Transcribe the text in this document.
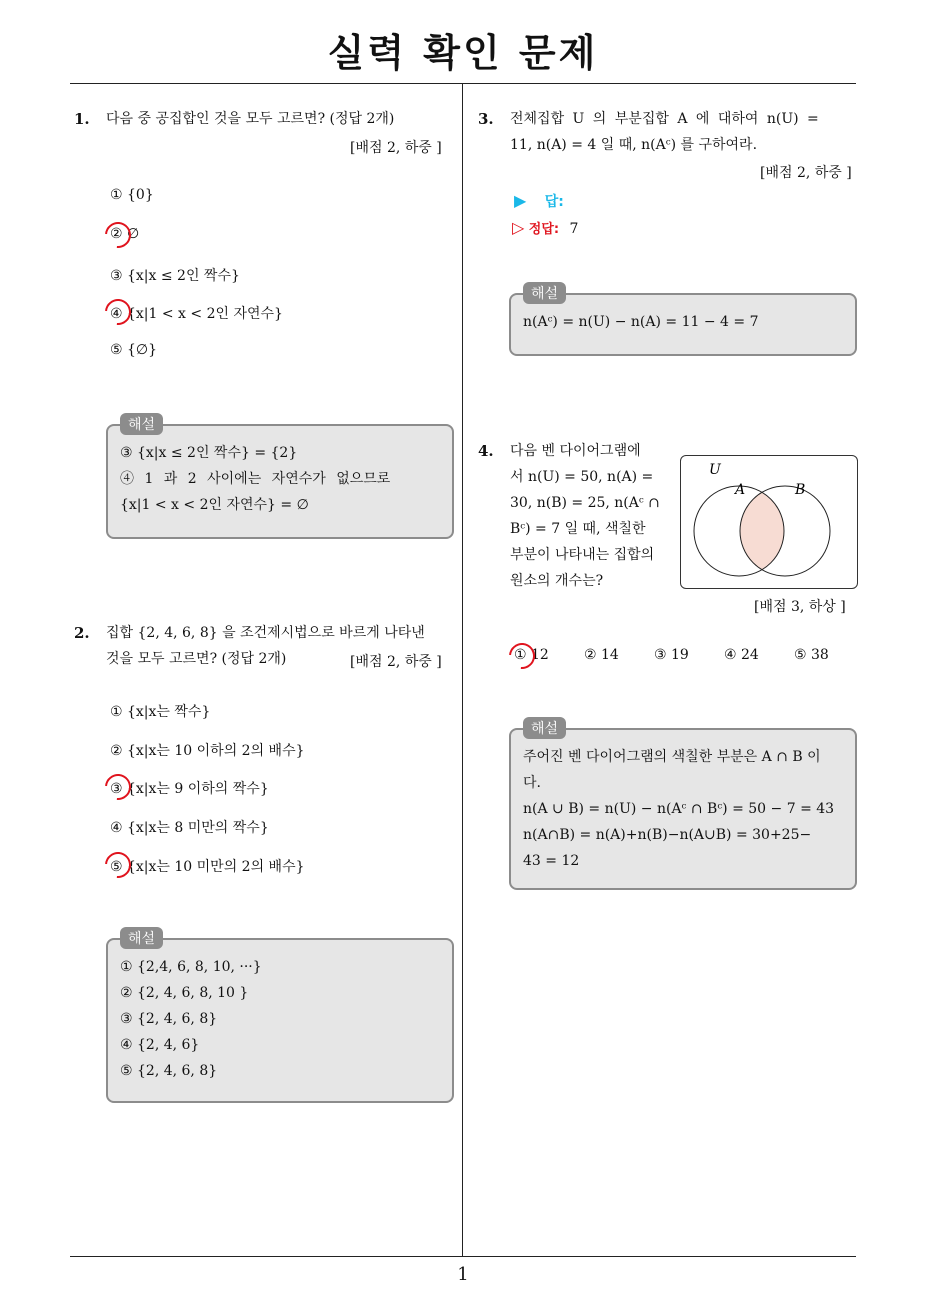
실력 확인 문제
1. 다음 중 공집합인 것을 모두 고르면? (정답 2개)
[배점 2, 하중 ]
① {0}
② ∅
③ {x|x ≤ 2인 짝수}
④ {x|1 < x < 2인 자연수}
⑤ {∅}
해설
③ {x|x ≤ 2인 짝수} = {2}
④ 1 과 2 사이에는 자연수가 없으므로
{x|1 < x < 2인 자연수} = ∅
2. 집합 {2, 4, 6, 8} 을 조건제시법으로 바르게 나타낸
것을 모두 고르면? (정답 2개)	[배점 2, 하중 ]
① {x|x는 짝수}
② {x|x는 10 이하의 2의 배수}
③ {x|x는 9 이하의 짝수}
④ {x|x는 8 미만의 짝수}
⑤ {x|x는 10 미만의 2의 배수}
해설
① {2,4, 6, 8, 10, ···}
② {2, 4, 6, 8, 10 }
③ {2, 4, 6, 8}
④ {2, 4, 6}
⑤ {2, 4, 6, 8}
3. 전체집합 U 의 부분집합 A 에 대하여 n(U) =
11, n(A) = 4 일 때, n(Aᶜ) 를 구하여라.
[배점 2, 하중 ]
▶ 답:
▷ 정답: 7
해설
n(Aᶜ) = n(U) − n(A) = 11 − 4 = 7
4. 다음 벤 다이어그램에
서 n(U) = 50, n(A) =
30, n(B) = 25, n(Aᶜ ∩
Bᶜ) = 7 일 때, 색칠한
부분이 나타내는 집합의
원소의 개수는?
U
A	B
[배점 3, 하상 ]
① 12	② 14	③ 19	④ 24	⑤ 38
해설
주어진 벤 다이어그램의 색칠한 부분은 A ∩ B 이
다.
n(A ∪ B) = n(U) − n(Aᶜ ∩ Bᶜ) = 50 − 7 = 43
n(A∩B) = n(A)+n(B)−n(A∪B) = 30+25−
43 = 12
1
